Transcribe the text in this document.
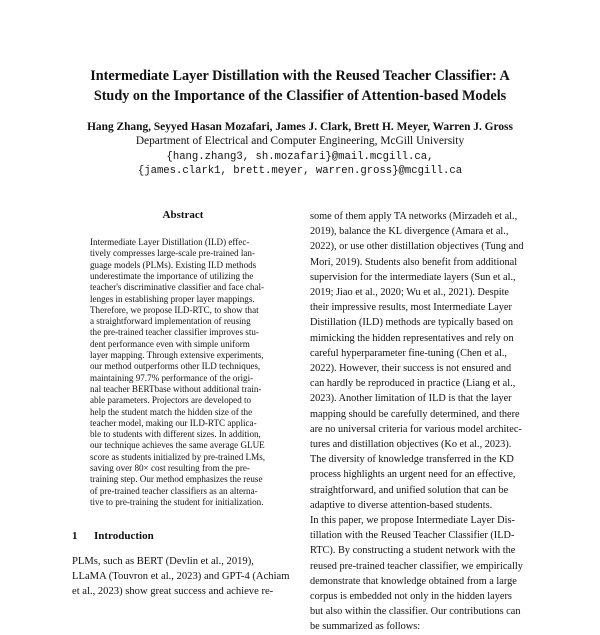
Intermediate Layer Distillation with the Reused Teacher Classifier: A
Study on the Importance of the Classifier of Attention-based Models
Hang Zhang, Seyyed Hasan Mozafari, James J. Clark, Brett H. Meyer, Warren J. Gross
Department of Electrical and Computer Engineering, McGill University
{hang.zhang3, sh.mozafari}@mail.mcgill.ca,
{james.clark1, brett.meyer, warren.gross}@mcgill.ca
Abstract
Intermediate Layer Distillation (ILD) effec-
tively compresses large-scale pre-trained lan-
guage models (PLMs). Existing ILD methods
underestimate the importance of utilizing the
teacher's discriminative classifier and face chal-
lenges in establishing proper layer mappings.
Therefore, we propose ILD-RTC, to show that
a straightforward implementation of reusing
the pre-trained teacher classifier improves stu-
dent performance even with simple uniform
layer mapping. Through extensive experiments,
our method outperforms other ILD techniques,
maintaining 97.7% performance of the origi-
nal teacher BERTbase without additional train-
able parameters. Projectors are developed to
help the student match the hidden size of the
teacher model, making our ILD-RTC applica-
ble to students with different sizes. In addition,
our technique achieves the same average GLUE
score as students initialized by pre-trained LMs,
saving over 80× cost resulting from the pre-
training step. Our method emphasizes the reuse
of pre-trained teacher classifiers as an alterna-
tive to pre-training the student for initialization.
1 Introduction
PLMs, such as BERT (Devlin et al., 2019),
LLaMA (Touvron et al., 2023) and GPT-4 (Achiam
et al., 2023) show great success and achieve re-
some of them apply TA networks (Mirzadeh et al.,
2019), balance the KL divergence (Amara et al.,
2022), or use other distillation objectives (Tung and
Mori, 2019). Students also benefit from additional
supervision for the intermediate layers (Sun et al.,
2019; Jiao et al., 2020; Wu et al., 2021). Despite
their impressive results, most Intermediate Layer
Distillation (ILD) methods are typically based on
mimicking the hidden representatives and rely on
careful hyperparameter fine-tuning (Chen et al.,
2022). However, their success is not ensured and
can hardly be reproduced in practice (Liang et al.,
2023). Another limitation of ILD is that the layer
mapping should be carefully determined, and there
are no universal criteria for various model architec-
tures and distillation objectives (Ko et al., 2023).
The diversity of knowledge transferred in the KD
process highlights an urgent need for an effective,
straightforward, and unified solution that can be
adaptive to diverse attention-based students.
In this paper, we propose Intermediate Layer Dis-
tillation with the Reused Teacher Classifier (ILD-
RTC). By constructing a student network with the
reused pre-trained teacher classifier, we empirically
demonstrate that knowledge obtained from a large
corpus is embedded not only in the hidden layers
but also within the classifier. Our contributions can
be summarized as follows:
